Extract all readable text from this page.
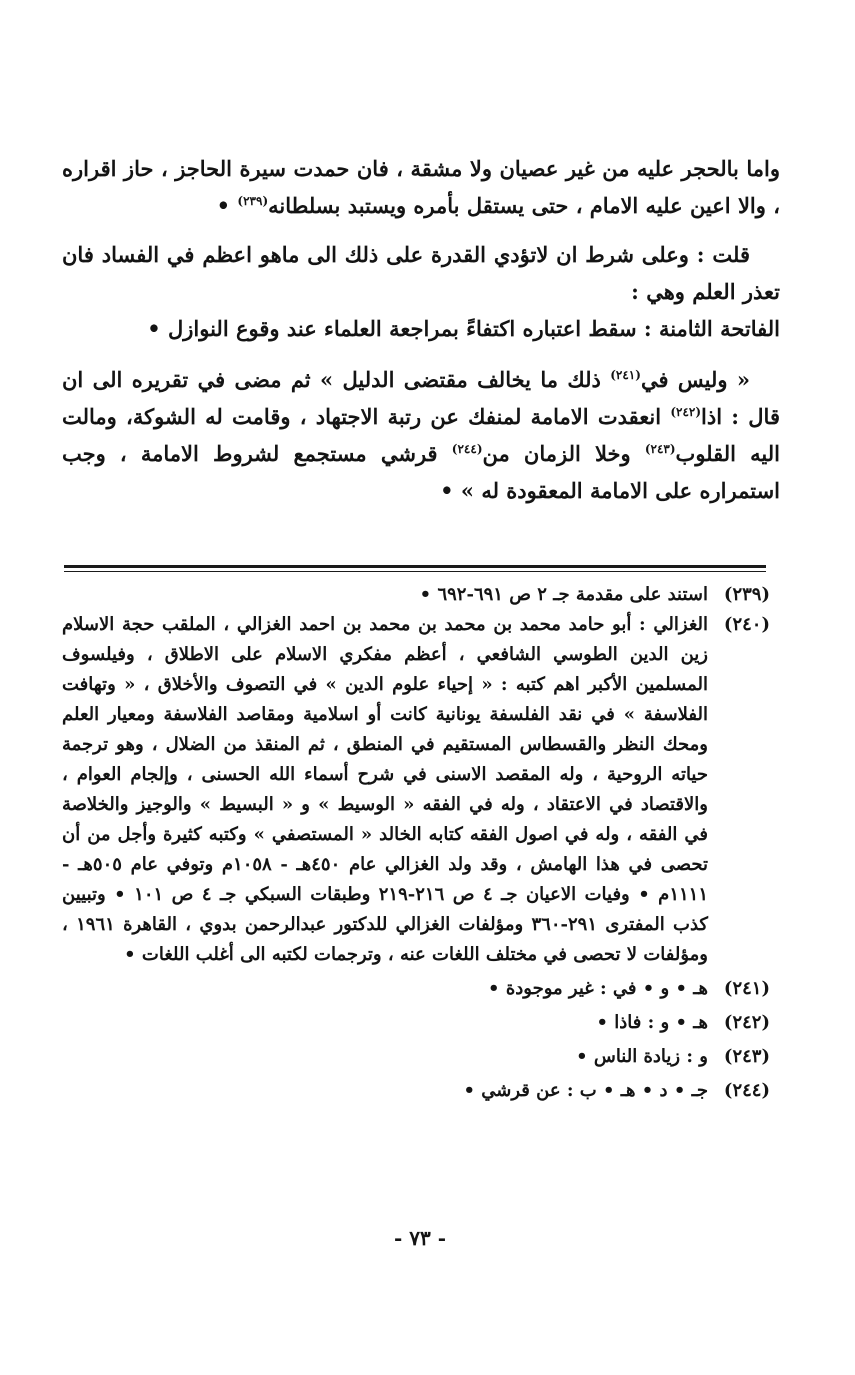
واما بالحجر عليه من غير عصيان ولا مشقة ، فان حمدت سيرة الحاجز ، حاز اقراره ، والا اعين عليه الامام ، حتى يستقل بأمره ويستبد بسلطانه$^{(٢٣٩)}$ •

قلت : وعلى شرط ان لاتؤدي القدرة على ذلك الى ماهو اعظم في الفساد فان تعذر العلم وهي :

الفاتحة الثامنة : سقط اعتباره اكتفاءً بمراجعة العلماء عند وقوع النوازل •

« وليس في$^{(٢٤١)}$ ذلك ما يخالف مقتضى الدليل » ثم مضى في تقريره الى ان قال : اذا$^{(٢٤٢)}$ انعقدت الامامة لمنفك عن رتبة الاجتهاد ، وقامت له الشوكة، ومالت اليه القلوب$^{(٢٤٣)}$ وخلا الزمان من$^{(٢٤٤)}$ قرشي مستجمع لشروط الامامة ، وجب استمراره على الامامة المعقودة له » •

(٢٣٩)
استند على مقدمة جـ ٢ ص ٦٩١-٦٩٢ •
(٢٤٠)
الغزالي : أبو حامد محمد بن محمد بن محمد بن احمد الغزالي ، الملقب حجة الاسلام زين الدين الطوسي الشافعي ، أعظم مفكري الاسلام على الاطلاق ، وفيلسوف المسلمين الأكبر اهم كتبه : « إحياء علوم الدين » في التصوف والأخلاق ، « وتهافت الفلاسفة » في نقد الفلسفة يونانية كانت أو اسلامية ومقاصد الفلاسفة ومعيار العلم ومحك النظر والقسطاس المستقيم في المنطق ، ثم المنقذ من الضلال ، وهو ترجمة حياته الروحية ، وله المقصد الاسنى في شرح أسماء الله الحسنى ، وإلجام العوام ، والاقتصاد في الاعتقاد ، وله في الفقه « الوسيط » و « البسيط » والوجيز والخلاصة في الفقه ، وله في اصول الفقه كتابه الخالد « المستصفي » وكتبه كثيرة وأجل من أن تحصى في هذا الهامش ، وقد ولد الغزالي عام ٤٥٠هـ - ١٠٥٨م وتوفي عام ٥٠٥هـ - ١١١١م • وفيات الاعيان جـ ٤ ص ٢١٦-٢١٩ وطبقات السبكي جـ ٤ ص ١٠١ • وتبيين كذب المفترى ٢٩١-٣٦٠ ومؤلفات الغزالي للدكتور عبدالرحمن بدوي ، القاهرة ١٩٦١ ، ومؤلفات لا تحصى في مختلف اللغات عنه ، وترجمات لكتبه الى أغلب اللغات •
(٢٤١)
هـ • و • في : غير موجودة •
(٢٤٢)
هـ • و : فاذا •
(٢٤٣)
و : زيادة الناس •
(٢٤٤)
جـ • د • هـ • ب : عن قرشي •
- ٧٣ -
